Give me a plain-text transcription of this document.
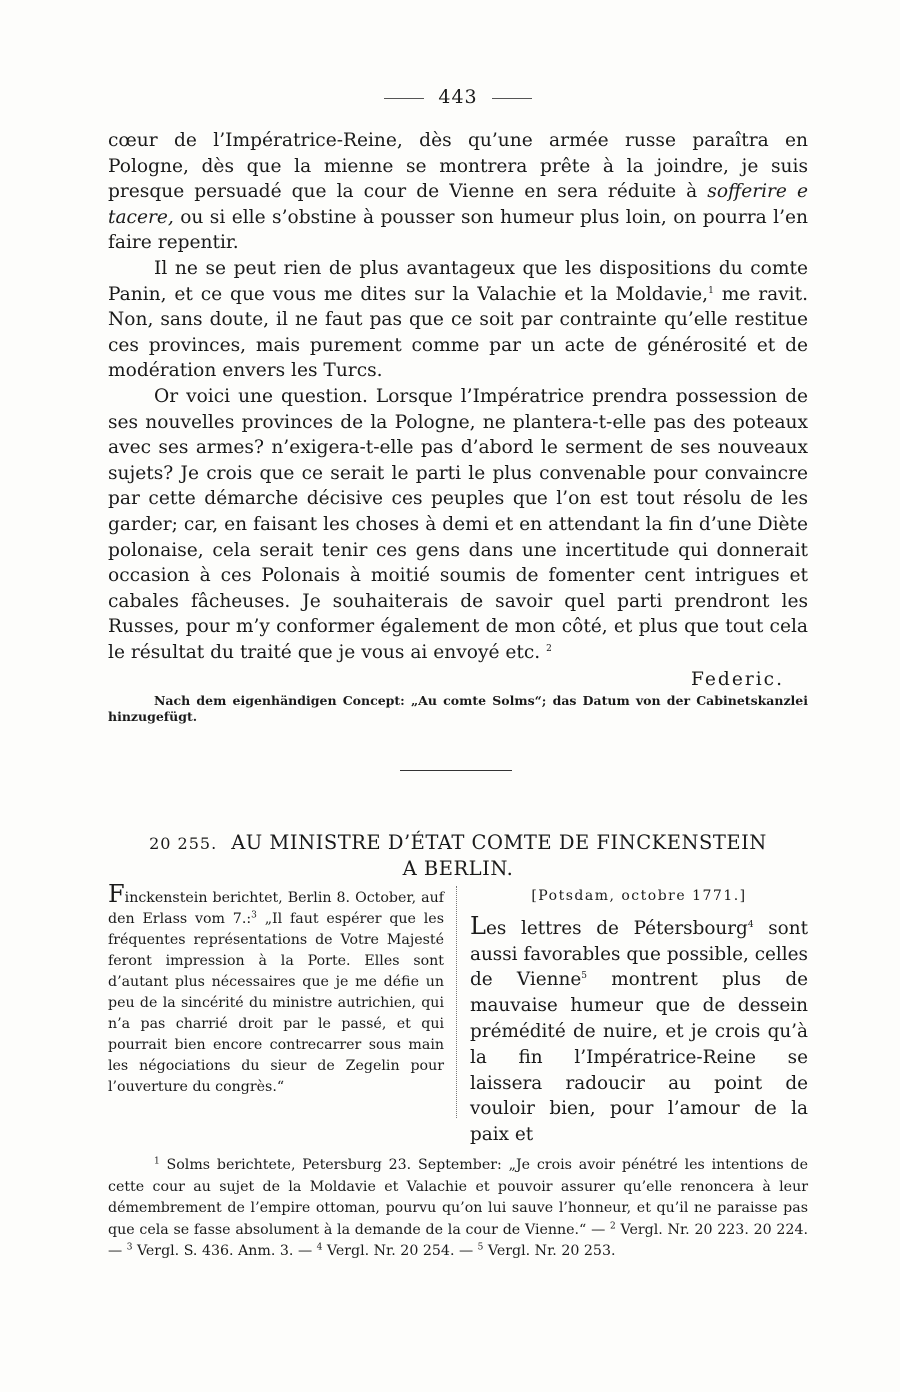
443

cœur de l’Impératrice-Reine, dès qu’une armée russe paraîtra en Pologne, dès que la mienne se montrera prête à la joindre, je suis presque persuadé que la cour de Vienne en sera réduite à sofferire e tacere, ou si elle s’obstine à pousser son humeur plus loin, on pourra l’en faire repentir.

Il ne se peut rien de plus avantageux que les dispositions du comte Panin, et ce que vous me dites sur la Valachie et la Moldavie,$^1$ me ravit. Non, sans doute, il ne faut pas que ce soit par contrainte qu’elle restitue ces provinces, mais purement comme par un acte de générosité et de modération envers les Turcs.

Or voici une question. Lorsque l’Impératrice prendra possession de ses nouvelles provinces de la Pologne, ne plantera-t-elle pas des poteaux avec ses armes? n’exigera-t-elle pas d’abord le serment de ses nouveaux sujets? Je crois que ce serait le parti le plus convenable pour convaincre par cette démarche décisive ces peuples que l’on est tout résolu de les garder; car, en faisant les choses à demi et en attendant la fin d’une Diète polonaise, cela serait tenir ces gens dans une incertitude qui donnerait occasion à ces Polonais à moitié soumis de fomenter cent intrigues et cabales fâcheuses. Je souhaiterais de savoir quel parti prendront les Russes, pour m’y conformer également de mon côté, et plus que tout cela le résultat du traité que je vous ai envoyé etc. $^2$

Federic.

Nach dem eigenhändigen Concept: „Au comte Solms“; das Datum von der Cabinetskanzlei hinzugefügt.

20 255. AU MINISTRE D’ÉTAT COMTE DE FINCKENSTEIN
A BERLIN.
Finckenstein berichtet, Berlin 8. October, auf den Erlass vom 7.:$^3$ „Il faut espérer que les fréquentes représentations de Votre Majesté feront impression à la Porte. Elles sont d’autant plus nécessaires que je me défie un peu de la sincérité du ministre autrichien, qui n’a pas charrié droit par le passé, et qui pourrait bien encore contrecarrer sous main les négociations du sieur de Zegelin pour l’ouverture du congrès.“
[Potsdam, octobre 1771.]
Les lettres de Pétersbourg$^4$ sont aussi favorables que possible, celles de Vienne$^5$ montrent plus de mauvaise humeur que de dessein prémédité de nuire, et je crois qu’à la fin l’Impératrice-Reine se laissera radoucir au point de vouloir bien, pour l’amour de la paix et

$^1$ Solms berichtete, Petersburg 23. September: „Je crois avoir pénétré les intentions de cette cour au sujet de la Moldavie et Valachie et pouvoir assurer qu’elle renoncera à leur démembrement de l’empire ottoman, pourvu qu’on lui sauve l’honneur, et qu’il ne paraisse pas que cela se fasse absolument à la demande de la cour de Vienne.“ — $^2$ Vergl. Nr. 20 223. 20 224. — $^3$ Vergl. S. 436. Anm. 3. — $^4$ Vergl. Nr. 20 254. — $^5$ Vergl. Nr. 20 253.
